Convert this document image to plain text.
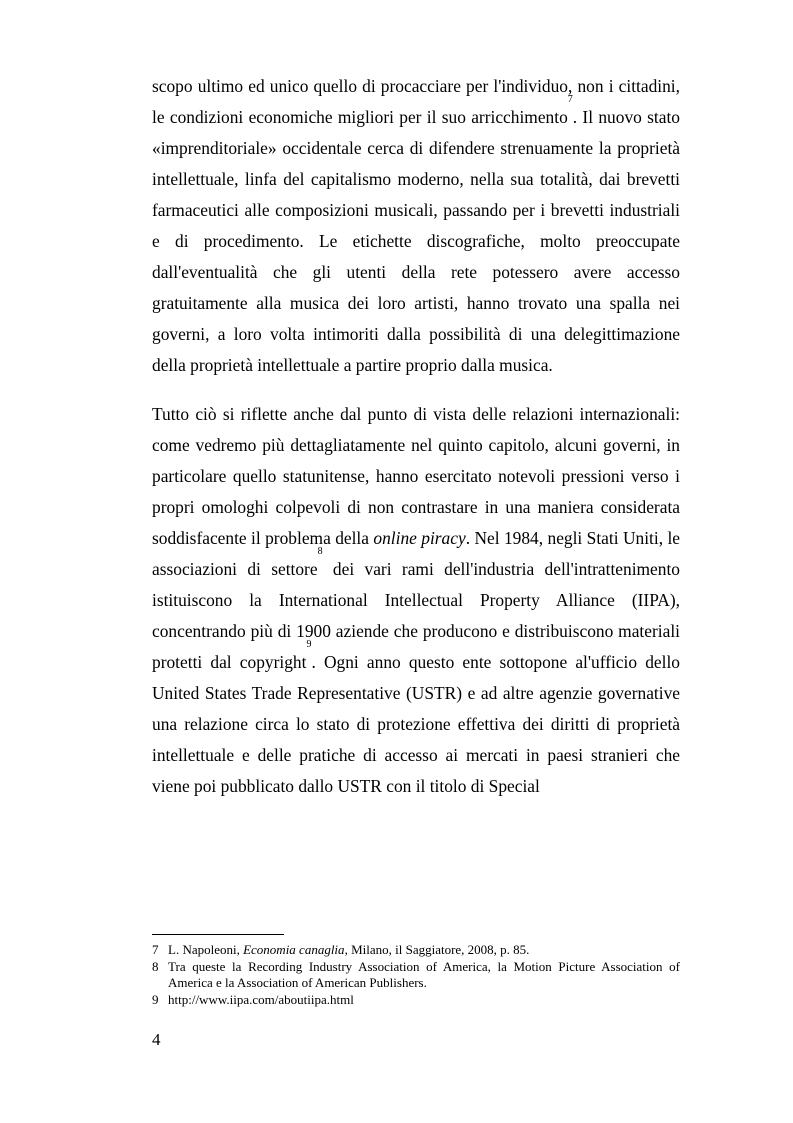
scopo ultimo ed unico quello di procacciare per l'individuo, non i cittadini, le condizioni economiche migliori per il suo arricchimento$^7$. Il nuovo stato «imprenditoriale» occidentale cerca di difendere strenuamente la proprietà intellettuale, linfa del capitalismo moderno, nella sua totalità, dai brevetti farmaceutici alle composizioni musicali, passando per i brevetti industriali e di procedimento. Le etichette discografiche, molto preoccupate dall'eventualità che gli utenti della rete potessero avere accesso gratuitamente alla musica dei loro artisti, hanno trovato una spalla nei governi, a loro volta intimoriti dalla possibilità di una delegittimazione della proprietà intellettuale a partire proprio dalla musica.

Tutto ciò si riflette anche dal punto di vista delle relazioni internazionali: come vedremo più dettagliatamente nel quinto capitolo, alcuni governi, in particolare quello statunitense, hanno esercitato notevoli pressioni verso i propri omologhi colpevoli di non contrastare in una maniera considerata soddisfacente il problema della online piracy. Nel 1984, negli Stati Uniti, le associazioni di settore$^8$ dei vari rami dell'industria dell'intrattenimento istituiscono la International Intellectual Property Alliance (IIPA), concentrando più di 1900 aziende che producono e distribuiscono materiali protetti dal copyright$^9$. Ogni anno questo ente sottopone al'ufficio dello United States Trade Representative (USTR) e ad altre agenzie governative una relazione circa lo stato di protezione effettiva dei diritti di proprietà intellettuale e delle pratiche di accesso ai mercati in paesi stranieri che viene poi pubblicato dallo USTR con il titolo di Special

7 L. Napoleoni, Economia canaglia, Milano, il Saggiatore, 2008, p. 85.
8 Tra queste la Recording Industry Association of America, la Motion Picture Association of America e la Association of American Publishers.
9 http://www.iipa.com/aboutiipa.html
4
